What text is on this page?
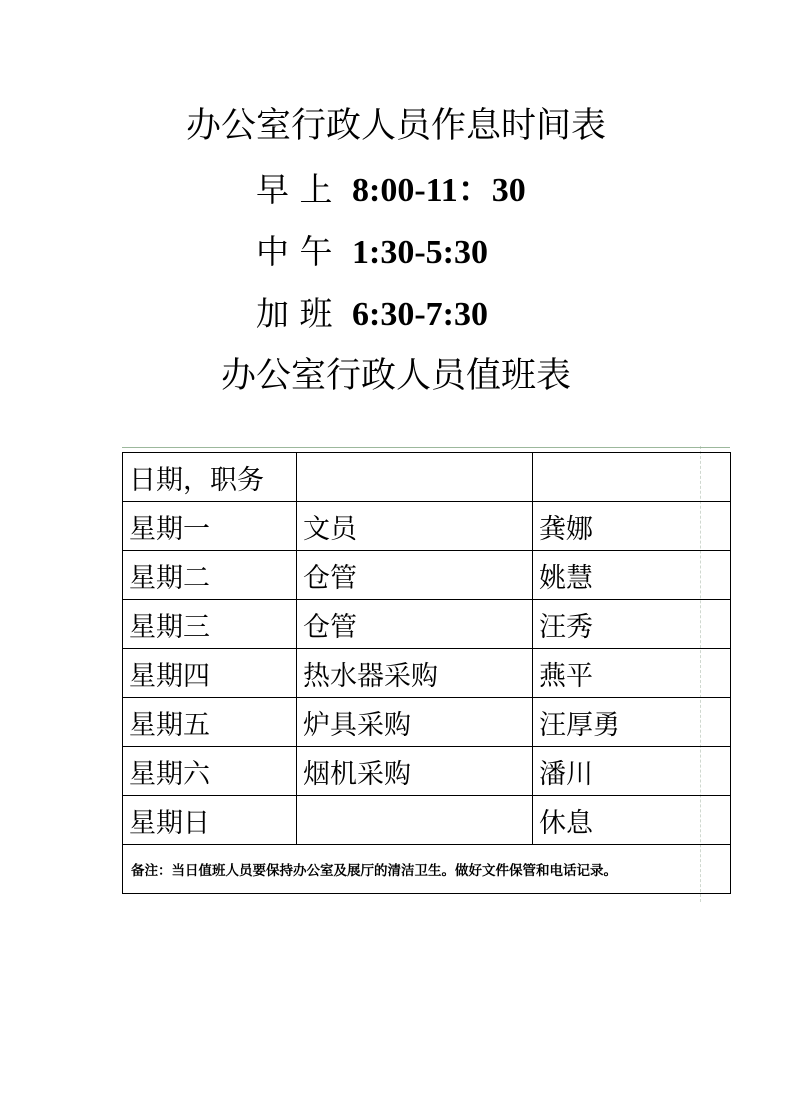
办公室行政人员作息时间表
早 上 8:00-11：30
中 午 1:30-5:30
加 班 6:30-7:30
办公室行政人员值班表
日期，职务		
星期一	文员	龚娜
星期二	仓管	姚慧
星期三	仓管	汪秀
星期四	热水器采购	燕平
星期五	炉具采购	汪厚勇
星期六	烟机采购	潘川
星期日		休息
备注：当日值班人员要保持办公室及展厅的清洁卫生。做好文件保管和电话记录。		
